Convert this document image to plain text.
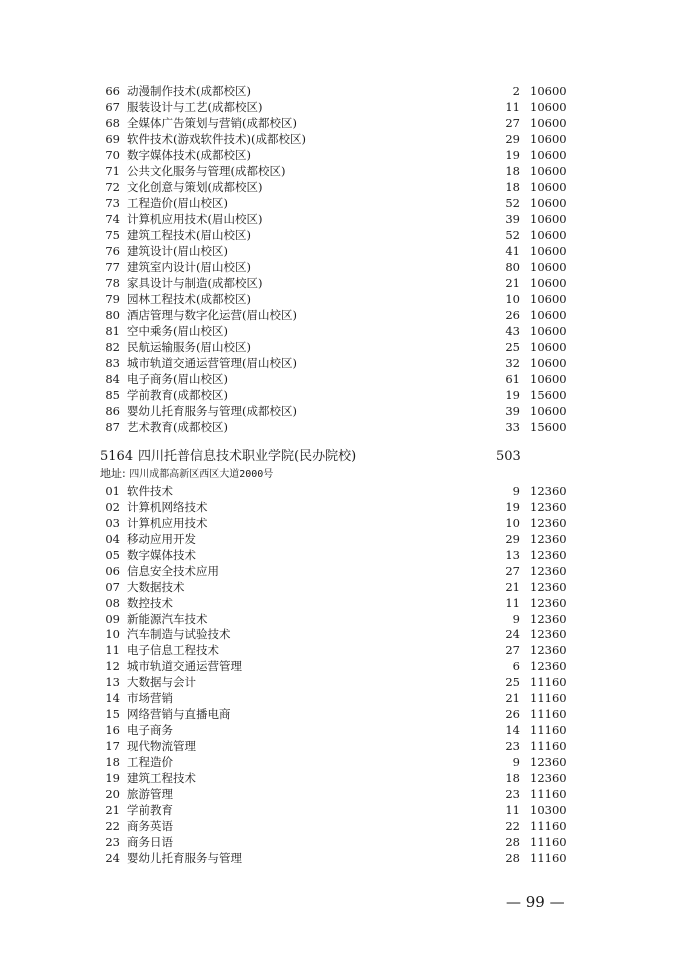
66 动漫制作技术(成都校区)	2 10600
67 服装设计与工艺(成都校区)	11 10600
68 全媒体广告策划与营销(成都校区)	27 10600
69 软件技术(游戏软件技术)(成都校区)	29 10600
70 数字媒体技术(成都校区)	19 10600
71 公共文化服务与管理(成都校区)	18 10600
72 文化创意与策划(成都校区)	18 10600
73 工程造价(眉山校区)	52 10600
74 计算机应用技术(眉山校区)	39 10600
75 建筑工程技术(眉山校区)	52 10600
76 建筑设计(眉山校区)	41 10600
77 建筑室内设计(眉山校区)	80 10600
78 家具设计与制造(成都校区)	21 10600
79 园林工程技术(成都校区)	10 10600
80 酒店管理与数字化运营(眉山校区)	26 10600
81 空中乘务(眉山校区)	43 10600
82 民航运输服务(眉山校区)	25 10600
83 城市轨道交通运营管理(眉山校区)	32 10600
84 电子商务(眉山校区)	61 10600
85 学前教育(成都校区)	19 15600
86 婴幼儿托育服务与管理(成都校区)	39 10600
87 艺术教育(成都校区)	33 15600
5164 四川托普信息技术职业学院(民办院校)	503
地址: 四川成都高新区西区大道2000号
01 软件技术	9 12360
02 计算机网络技术	19 12360
03 计算机应用技术	10 12360
04 移动应用开发	29 12360
05 数字媒体技术	13 12360
06 信息安全技术应用	27 12360
07 大数据技术	21 12360
08 数控技术	11 12360
09 新能源汽车技术	9 12360
10 汽车制造与试验技术	24 12360
11 电子信息工程技术	27 12360
12 城市轨道交通运营管理	6 12360
13 大数据与会计	25 11160
14 市场营销	21 11160
15 网络营销与直播电商	26 11160
16 电子商务	14 11160
17 现代物流管理	23 11160
18 工程造价	9 12360
19 建筑工程技术	18 12360
20 旅游管理	23 11160
21 学前教育	11 10300
22 商务英语	22 11160
23 商务日语	28 11160
24 婴幼儿托育服务与管理	28 11160
— 99 —
